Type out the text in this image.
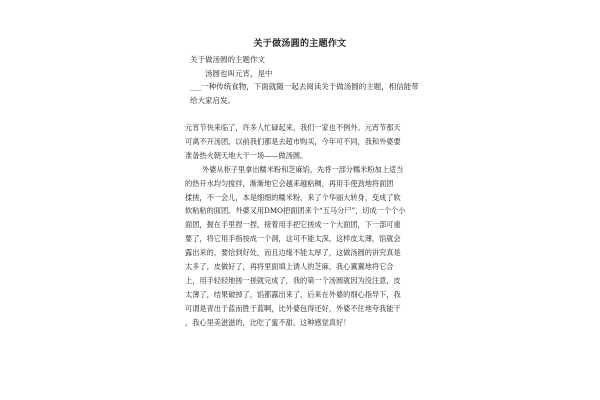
关于做汤圆的主题作文

关于做汤圆的主题作文

汤圆也叫元宵，是中

___一种传统食物，下面就随一起去阅读关于做汤圆的主题，相信能带

给大家启发。

元宵节快来临了，许多人忙碌起来，我们一家也不例外。元宵节那天

可离不开汤团，以前我们都是去超市购买，今年可不同，我和外婆要

准备热火朝天地大干一场——做汤圆。

外婆从柜子里拿出糯米粉和芝麻馅，先将一部分糯米粉加上适当

的热开水均匀搅拌，渐渐地它会越来越粘稠，再用手使劲地将面团

揉搓，不一会儿，本是细细的糯米粉，来了个华丽大转身，变成了软

软粘粘的面团。外婆又用DMO把面团来个“五马分尸”，切成一个个小

面团，握在手里捏一捏，接着用手把它搓成一个大面团，下一部可重

要了，将它用手指按成一个洞，这可不能太深，这样皮太薄，馅就会

露出来的，要恰到好处，而且边缘不能太厚了，这做汤圆的讲究真是

太多了，皮做好了，再将里面填上诱人的芝麻，我心翼翼地将它合

上，用手轻轻地搓一搓就完成了，我的第一个汤圆就因为没注意，皮

太薄了，结果破掉了，馅都露出来了，后来在外婆的细心指导下，我

可谓是青出于蓝而胜于蓝啊，比外婆包得还好，外婆不住地夸我能干

，我心里美滋滋的，比吃了蜜不甜，这种感觉真好！
